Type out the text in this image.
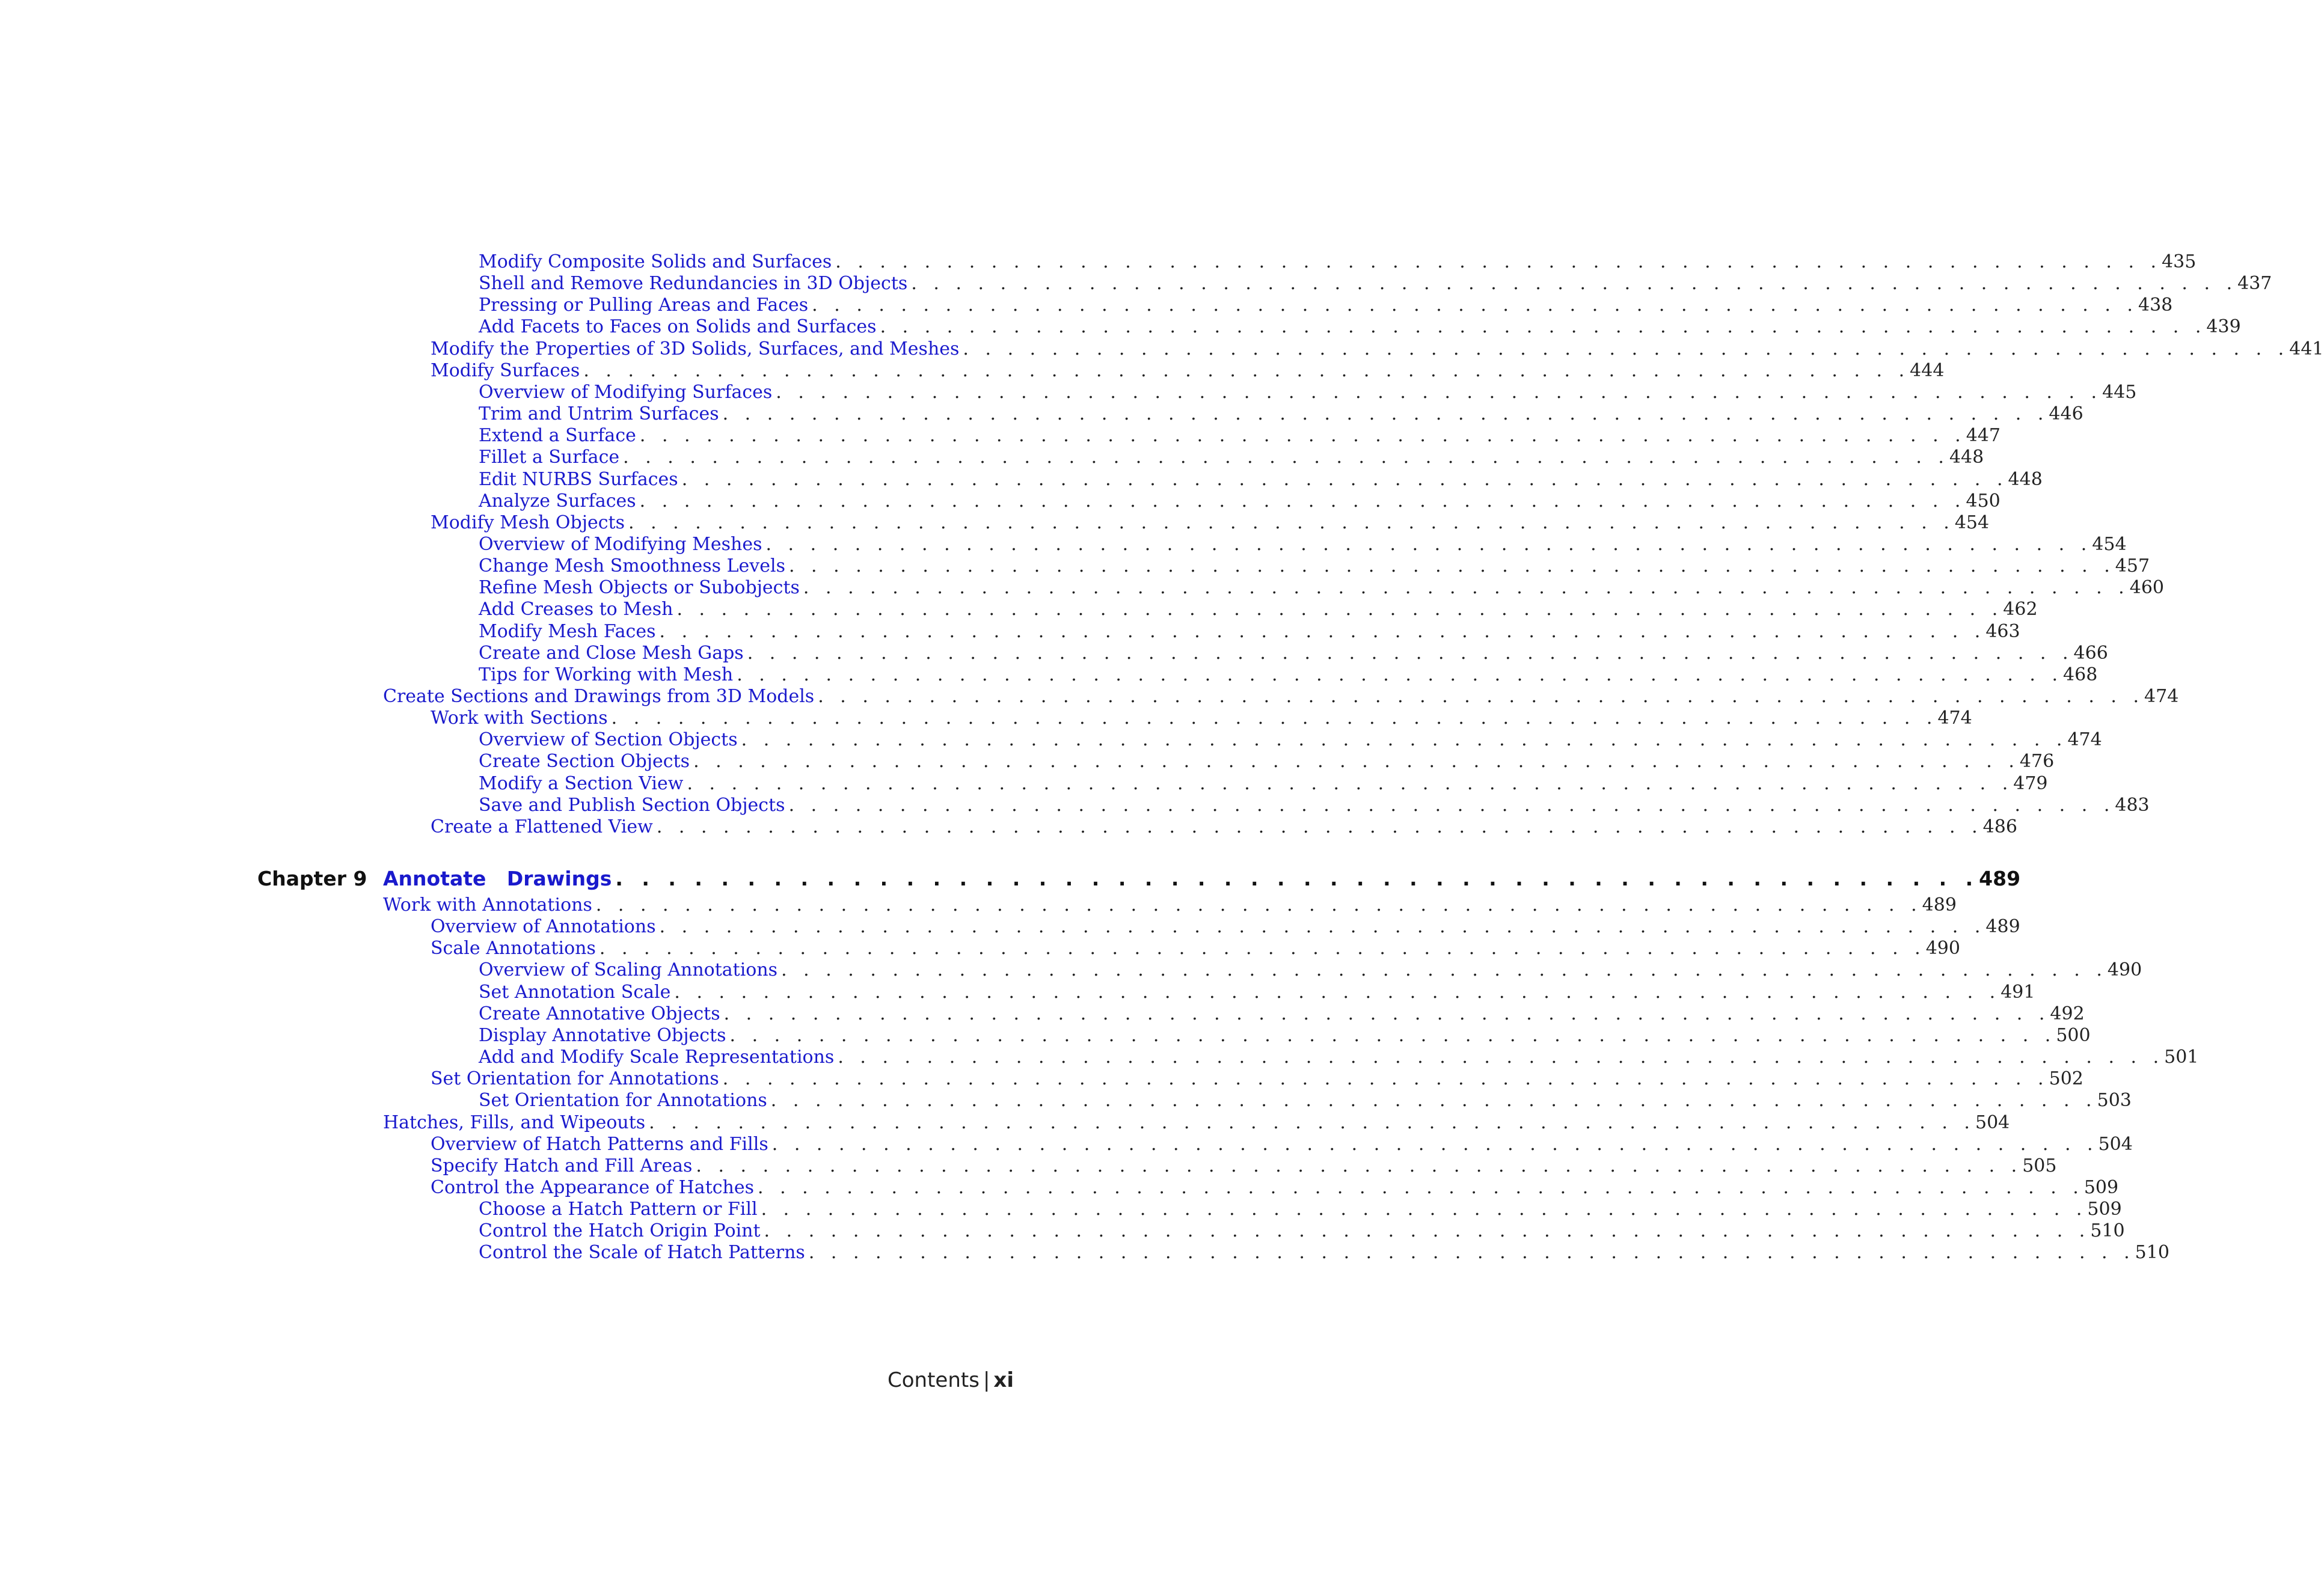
Modify Composite Solids and Surfaces . . . . . . . . . . . . . . . . . . . . . . . . . . . . . . . . . . . . . . . . . . . . . . . . . . . . . . . . . . . . 435
Shell and Remove Redundancies in 3D Objects . . . . . . . . . . . . . . . . . . . . . . . . . . . . . . . . . . . . . . . . . . . . . . . . . . . . . . . . . . . . 437
Pressing or Pulling Areas and Faces . . . . . . . . . . . . . . . . . . . . . . . . . . . . . . . . . . . . . . . . . . . . . . . . . . . . . . . . . . . . 438
Add Facets to Faces on Solids and Surfaces . . . . . . . . . . . . . . . . . . . . . . . . . . . . . . . . . . . . . . . . . . . . . . . . . . . . . . . . . . . . 439
Modify the Properties of 3D Solids, Surfaces, and Meshes . . . . . . . . . . . . . . . . . . . . . . . . . . . . . . . . . . . . . . . . . . . . . . . . . . . . . . . . . . . . 441
Modify Surfaces . . . . . . . . . . . . . . . . . . . . . . . . . . . . . . . . . . . . . . . . . . . . . . . . . . . . . . . . . . . . 444
Overview of Modifying Surfaces . . . . . . . . . . . . . . . . . . . . . . . . . . . . . . . . . . . . . . . . . . . . . . . . . . . . . . . . . . . . 445
Trim and Untrim Surfaces . . . . . . . . . . . . . . . . . . . . . . . . . . . . . . . . . . . . . . . . . . . . . . . . . . . . . . . . . . . . 446
Extend a Surface . . . . . . . . . . . . . . . . . . . . . . . . . . . . . . . . . . . . . . . . . . . . . . . . . . . . . . . . . . . . 447
Fillet a Surface . . . . . . . . . . . . . . . . . . . . . . . . . . . . . . . . . . . . . . . . . . . . . . . . . . . . . . . . . . . . 448
Edit NURBS Surfaces . . . . . . . . . . . . . . . . . . . . . . . . . . . . . . . . . . . . . . . . . . . . . . . . . . . . . . . . . . . . 448
Analyze Surfaces . . . . . . . . . . . . . . . . . . . . . . . . . . . . . . . . . . . . . . . . . . . . . . . . . . . . . . . . . . . . 450
Modify Mesh Objects . . . . . . . . . . . . . . . . . . . . . . . . . . . . . . . . . . . . . . . . . . . . . . . . . . . . . . . . . . . . 454
Overview of Modifying Meshes . . . . . . . . . . . . . . . . . . . . . . . . . . . . . . . . . . . . . . . . . . . . . . . . . . . . . . . . . . . . 454
Change Mesh Smoothness Levels . . . . . . . . . . . . . . . . . . . . . . . . . . . . . . . . . . . . . . . . . . . . . . . . . . . . . . . . . . . . 457
Refine Mesh Objects or Subobjects . . . . . . . . . . . . . . . . . . . . . . . . . . . . . . . . . . . . . . . . . . . . . . . . . . . . . . . . . . . . 460
Add Creases to Mesh . . . . . . . . . . . . . . . . . . . . . . . . . . . . . . . . . . . . . . . . . . . . . . . . . . . . . . . . . . . . 462
Modify Mesh Faces . . . . . . . . . . . . . . . . . . . . . . . . . . . . . . . . . . . . . . . . . . . . . . . . . . . . . . . . . . . . 463
Create and Close Mesh Gaps . . . . . . . . . . . . . . . . . . . . . . . . . . . . . . . . . . . . . . . . . . . . . . . . . . . . . . . . . . . . 466
Tips for Working with Mesh . . . . . . . . . . . . . . . . . . . . . . . . . . . . . . . . . . . . . . . . . . . . . . . . . . . . . . . . . . . . 468
Create Sections and Drawings from 3D Models . . . . . . . . . . . . . . . . . . . . . . . . . . . . . . . . . . . . . . . . . . . . . . . . . . . . . . . . . . . . 474
Work with Sections . . . . . . . . . . . . . . . . . . . . . . . . . . . . . . . . . . . . . . . . . . . . . . . . . . . . . . . . . . . . 474
Overview of Section Objects . . . . . . . . . . . . . . . . . . . . . . . . . . . . . . . . . . . . . . . . . . . . . . . . . . . . . . . . . . . . 474
Create Section Objects . . . . . . . . . . . . . . . . . . . . . . . . . . . . . . . . . . . . . . . . . . . . . . . . . . . . . . . . . . . . 476
Modify a Section View . . . . . . . . . . . . . . . . . . . . . . . . . . . . . . . . . . . . . . . . . . . . . . . . . . . . . . . . . . . . 479
Save and Publish Section Objects . . . . . . . . . . . . . . . . . . . . . . . . . . . . . . . . . . . . . . . . . . . . . . . . . . . . . . . . . . . . 483
Create a Flattened View . . . . . . . . . . . . . . . . . . . . . . . . . . . . . . . . . . . . . . . . . . . . . . . . . . . . . . . . . . . . 486
Chapter 9 Annotate   Drawings . . . . . . . . . . . . . . . . . . . . . . . . . . . . . . . . . . . . . . . . . . . . . . . . . . . . 489
Work with Annotations . . . . . . . . . . . . . . . . . . . . . . . . . . . . . . . . . . . . . . . . . . . . . . . . . . . . . . . . . . . . 489
Overview of Annotations . . . . . . . . . . . . . . . . . . . . . . . . . . . . . . . . . . . . . . . . . . . . . . . . . . . . . . . . . . . . 489
Scale Annotations . . . . . . . . . . . . . . . . . . . . . . . . . . . . . . . . . . . . . . . . . . . . . . . . . . . . . . . . . . . . 490
Overview of Scaling Annotations . . . . . . . . . . . . . . . . . . . . . . . . . . . . . . . . . . . . . . . . . . . . . . . . . . . . . . . . . . . . 490
Set Annotation Scale . . . . . . . . . . . . . . . . . . . . . . . . . . . . . . . . . . . . . . . . . . . . . . . . . . . . . . . . . . . . 491
Create Annotative Objects . . . . . . . . . . . . . . . . . . . . . . . . . . . . . . . . . . . . . . . . . . . . . . . . . . . . . . . . . . . . 492
Display Annotative Objects . . . . . . . . . . . . . . . . . . . . . . . . . . . . . . . . . . . . . . . . . . . . . . . . . . . . . . . . . . . . 500
Add and Modify Scale Representations . . . . . . . . . . . . . . . . . . . . . . . . . . . . . . . . . . . . . . . . . . . . . . . . . . . . . . . . . . . . 501
Set Orientation for Annotations . . . . . . . . . . . . . . . . . . . . . . . . . . . . . . . . . . . . . . . . . . . . . . . . . . . . . . . . . . . . 502
Set Orientation for Annotations . . . . . . . . . . . . . . . . . . . . . . . . . . . . . . . . . . . . . . . . . . . . . . . . . . . . . . . . . . . . 503
Hatches, Fills, and Wipeouts . . . . . . . . . . . . . . . . . . . . . . . . . . . . . . . . . . . . . . . . . . . . . . . . . . . . . . . . . . . . 504
Overview of Hatch Patterns and Fills . . . . . . . . . . . . . . . . . . . . . . . . . . . . . . . . . . . . . . . . . . . . . . . . . . . . . . . . . . . . 504
Specify Hatch and Fill Areas . . . . . . . . . . . . . . . . . . . . . . . . . . . . . . . . . . . . . . . . . . . . . . . . . . . . . . . . . . . . 505
Control the Appearance of Hatches . . . . . . . . . . . . . . . . . . . . . . . . . . . . . . . . . . . . . . . . . . . . . . . . . . . . . . . . . . . . 509
Choose a Hatch Pattern or Fill . . . . . . . . . . . . . . . . . . . . . . . . . . . . . . . . . . . . . . . . . . . . . . . . . . . . . . . . . . . . 509
Control the Hatch Origin Point . . . . . . . . . . . . . . . . . . . . . . . . . . . . . . . . . . . . . . . . . . . . . . . . . . . . . . . . . . . . 510
Control the Scale of Hatch Patterns . . . . . . . . . . . . . . . . . . . . . . . . . . . . . . . . . . . . . . . . . . . . . . . . . . . . . . . . . . . . 510
Contents | xi
